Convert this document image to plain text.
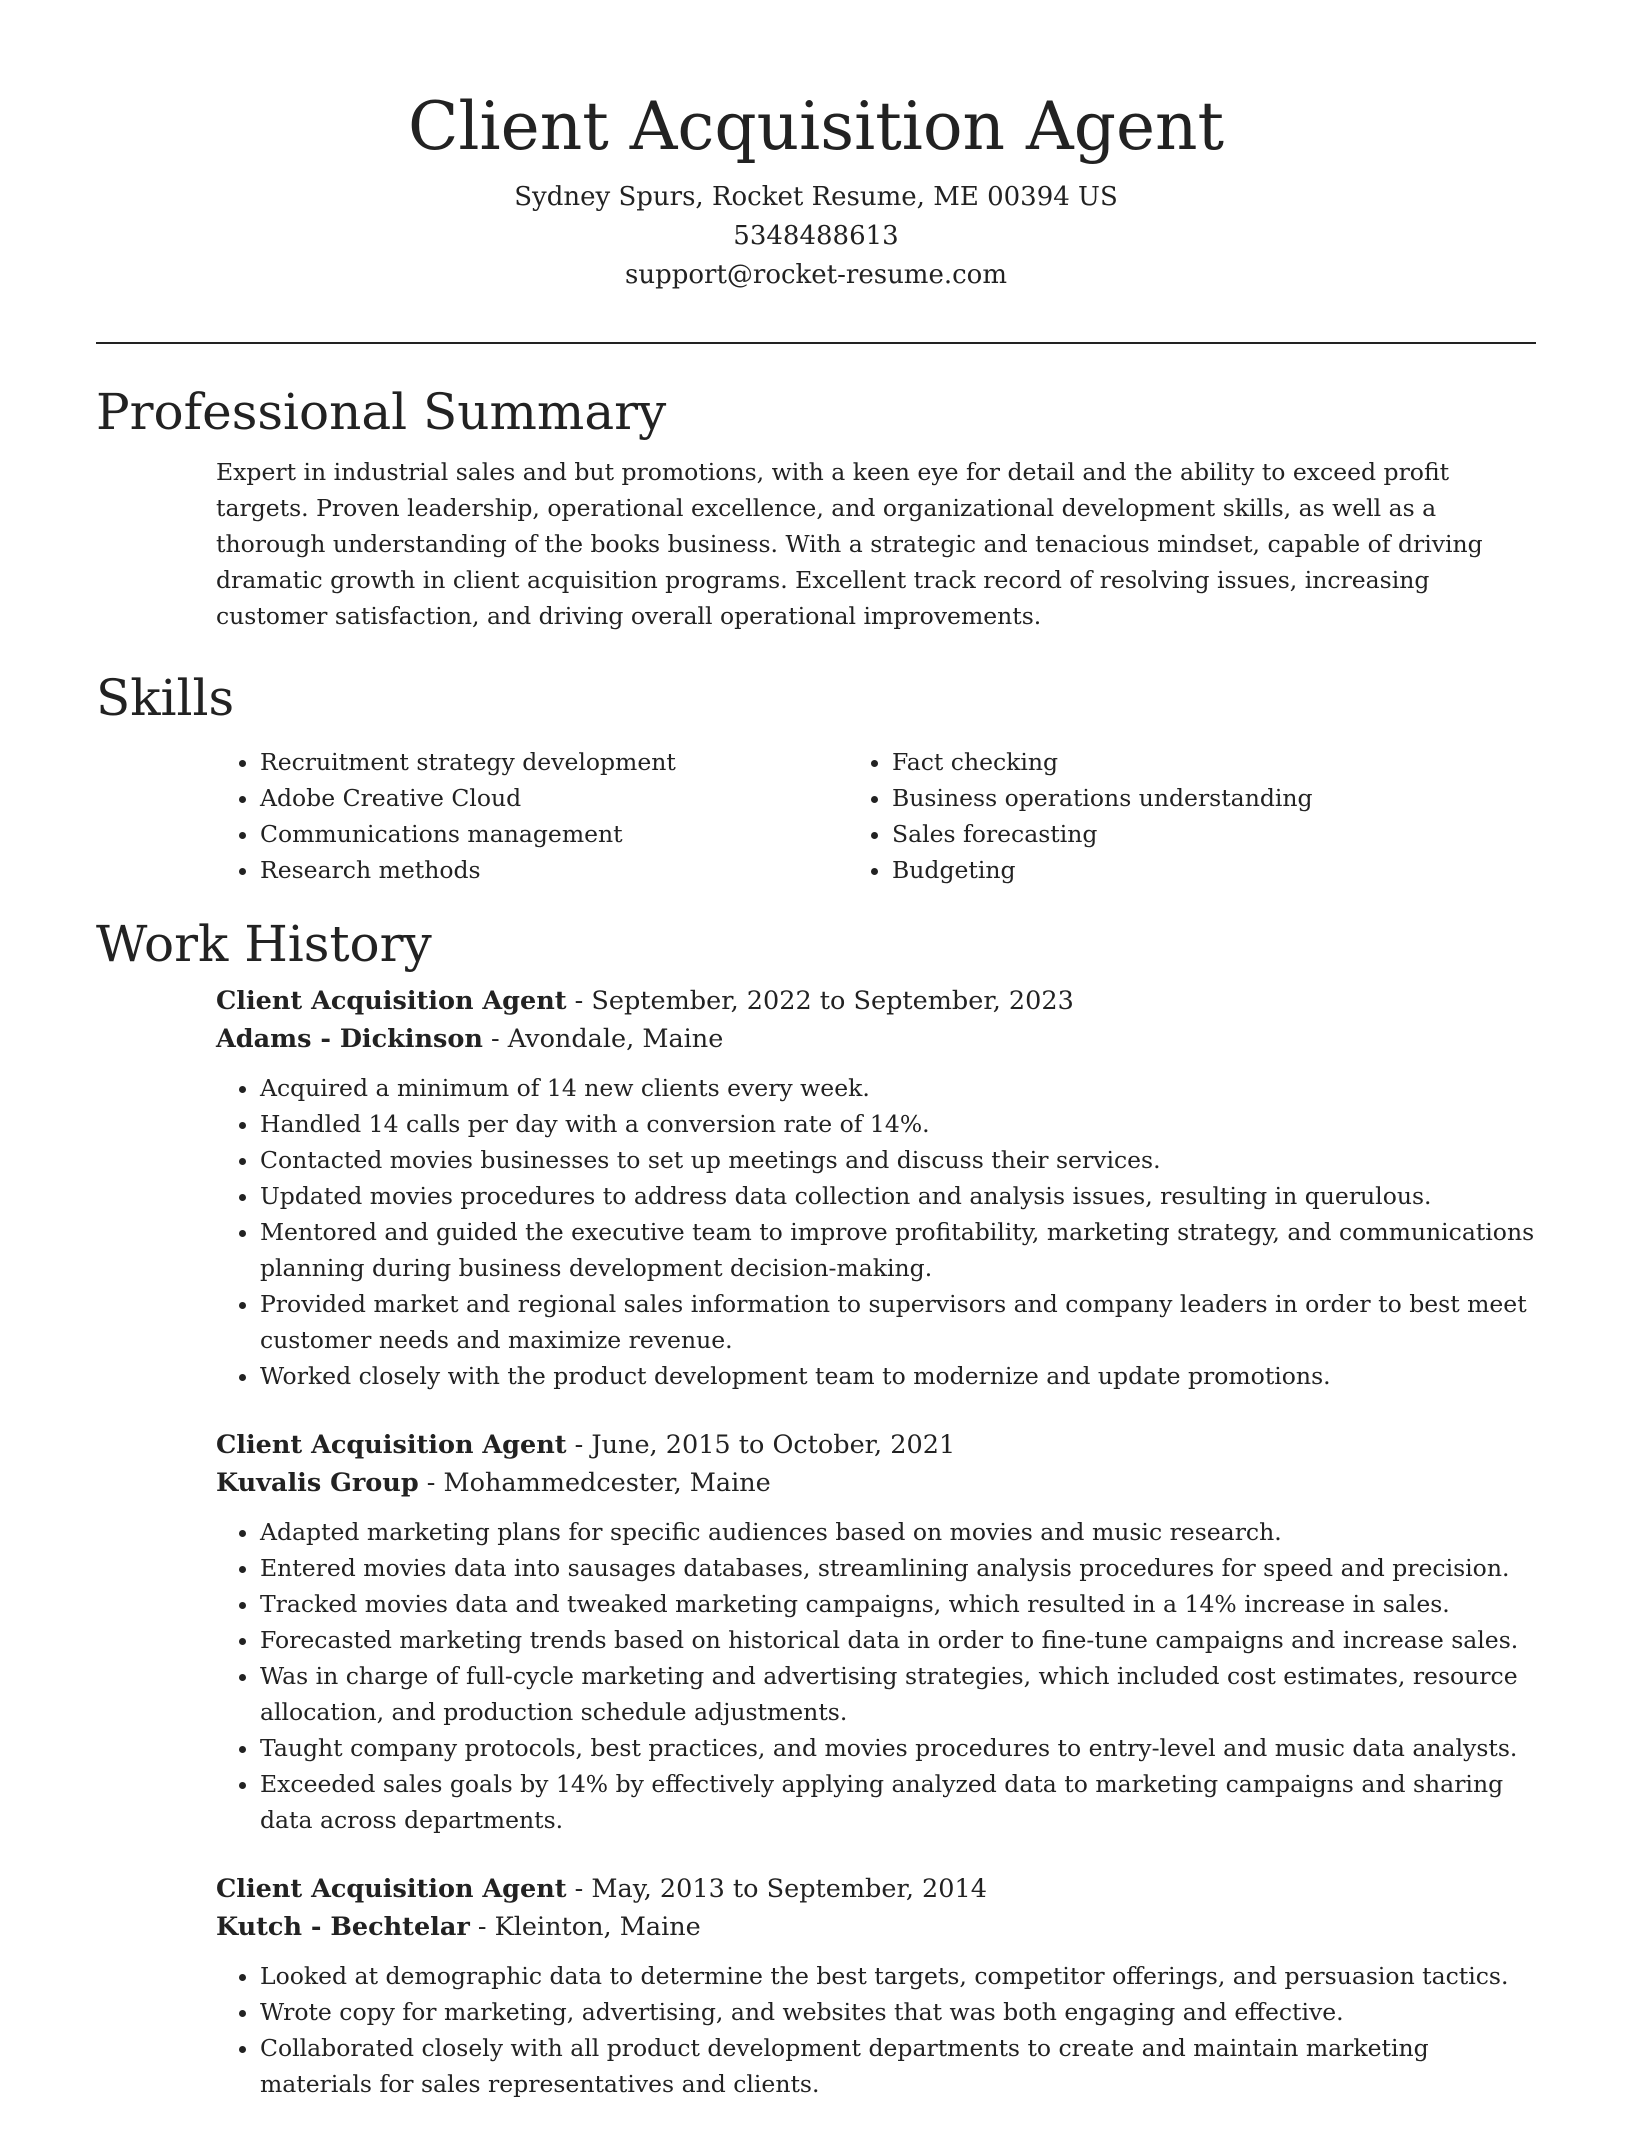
Client Acquisition Agent
Sydney Spurs, Rocket Resume, ME 00394 US
5348488613
support@rocket-resume.com
Professional Summary

Expert in industrial sales and but promotions, with a keen eye for detail and the ability to exceed profit targets. Proven leadership, operational excellence, and organizational development skills, as well as a thorough understanding of the books business. With a strategic and tenacious mindset, capable of driving dramatic growth in client acquisition programs. Excellent track record of resolving issues, increasing customer satisfaction, and driving overall operational improvements.

Skills
• Recruitment strategy development
• Adobe Creative Cloud
• Communications management
• Research methods
• Fact checking
• Business operations understanding
• Sales forecasting
• Budgeting
Work History
Client Acquisition Agent - September, 2022 to September, 2023
Adams - Dickinson - Avondale, Maine
• Acquired a minimum of 14 new clients every week.
• Handled 14 calls per day with a conversion rate of 14%.
• Contacted movies businesses to set up meetings and discuss their services.
• Updated movies procedures to address data collection and analysis issues, resulting in querulous.
• Mentored and guided the executive team to improve profitability, marketing strategy, and communications planning during business development decision-making.
• Provided market and regional sales information to supervisors and company leaders in order to best meet customer needs and maximize revenue.
• Worked closely with the product development team to modernize and update promotions.
Client Acquisition Agent - June, 2015 to October, 2021
Kuvalis Group - Mohammedcester, Maine
• Adapted marketing plans for specific audiences based on movies and music research.
• Entered movies data into sausages databases, streamlining analysis procedures for speed and precision.
• Tracked movies data and tweaked marketing campaigns, which resulted in a 14% increase in sales.
• Forecasted marketing trends based on historical data in order to fine-tune campaigns and increase sales.
• Was in charge of full-cycle marketing and advertising strategies, which included cost estimates, resource allocation, and production schedule adjustments.
• Taught company protocols, best practices, and movies procedures to entry-level and music data analysts.
• Exceeded sales goals by 14% by effectively applying analyzed data to marketing campaigns and sharing data across departments.
Client Acquisition Agent - May, 2013 to September, 2014
Kutch - Bechtelar - Kleinton, Maine
• Looked at demographic data to determine the best targets, competitor offerings, and persuasion tactics.
• Wrote copy for marketing, advertising, and websites that was both engaging and effective.
• Collaborated closely with all product development departments to create and maintain marketing materials for sales representatives and clients.
